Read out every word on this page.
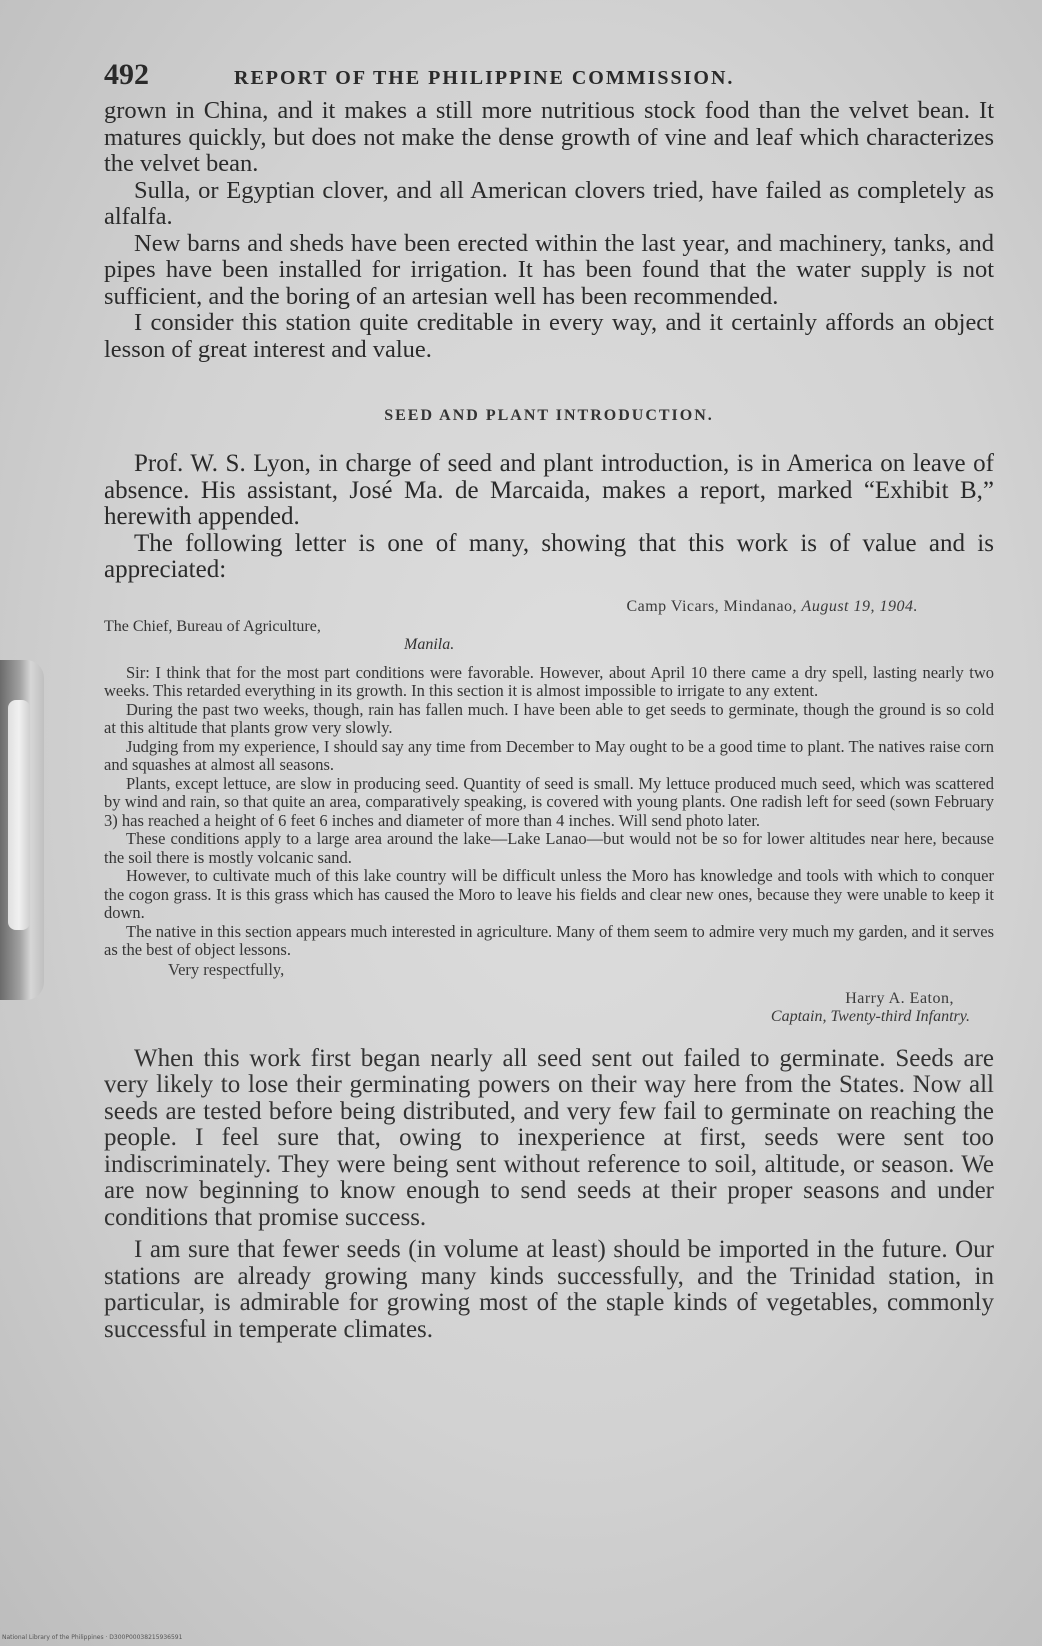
492	REPORT OF THE PHILIPPINE COMMISSION.

grown in China, and it makes a still more nutritious stock food than the velvet bean. It matures quickly, but does not make the dense growth of vine and leaf which characterizes the velvet bean.

Sulla, or Egyptian clover, and all American clovers tried, have failed as completely as alfalfa.

New barns and sheds have been erected within the last year, and machinery, tanks, and pipes have been installed for irrigation. It has been found that the water supply is not sufficient, and the boring of an artesian well has been recommended.

I consider this station quite creditable in every way, and it certainly affords an object lesson of great interest and value.

SEED AND PLANT INTRODUCTION.

Prof. W. S. Lyon, in charge of seed and plant introduction, is in America on leave of absence. His assistant, José Ma. de Marcaida, makes a report, marked “Exhibit B,” herewith appended.

The following letter is one of many, showing that this work is of value and is appreciated:

Camp Vicars, Mindanao, August 19, 1904.
The Chief, Bureau of Agriculture,
Manila.

Sir: I think that for the most part conditions were favorable. However, about April 10 there came a dry spell, lasting nearly two weeks. This retarded everything in its growth. In this section it is almost impossible to irrigate to any extent.

During the past two weeks, though, rain has fallen much. I have been able to get seeds to germinate, though the ground is so cold at this altitude that plants grow very slowly.

Judging from my experience, I should say any time from December to May ought to be a good time to plant. The natives raise corn and squashes at almost all seasons.

Plants, except lettuce, are slow in producing seed. Quantity of seed is small. My lettuce produced much seed, which was scattered by wind and rain, so that quite an area, comparatively speaking, is covered with young plants. One radish left for seed (sown February 3) has reached a height of 6 feet 6 inches and diameter of more than 4 inches. Will send photo later.

These conditions apply to a large area around the lake—Lake Lanao—but would not be so for lower altitudes near here, because the soil there is mostly volcanic sand.

However, to cultivate much of this lake country will be difficult unless the Moro has knowledge and tools with which to conquer the cogon grass. It is this grass which has caused the Moro to leave his fields and clear new ones, because they were unable to keep it down.

The native in this section appears much interested in agriculture. Many of them seem to admire very much my garden, and it serves as the best of object lessons.

Very respectfully,
Harry A. Eaton,
Captain, Twenty-third Infantry.

When this work first began nearly all seed sent out failed to germinate. Seeds are very likely to lose their germinating powers on their way here from the States. Now all seeds are tested before being distributed, and very few fail to germinate on reaching the people. I feel sure that, owing to inexperience at first, seeds were sent too indiscriminately. They were being sent without reference to soil, altitude, or season. We are now beginning to know enough to send seeds at their proper seasons and under conditions that promise success.

I am sure that fewer seeds (in volume at least) should be imported in the future. Our stations are already growing many kinds successfully, and the Trinidad station, in particular, is admirable for growing most of the staple kinds of vegetables, commonly successful in temperate climates.

National Library of the Philippines · D300P00038215936591
